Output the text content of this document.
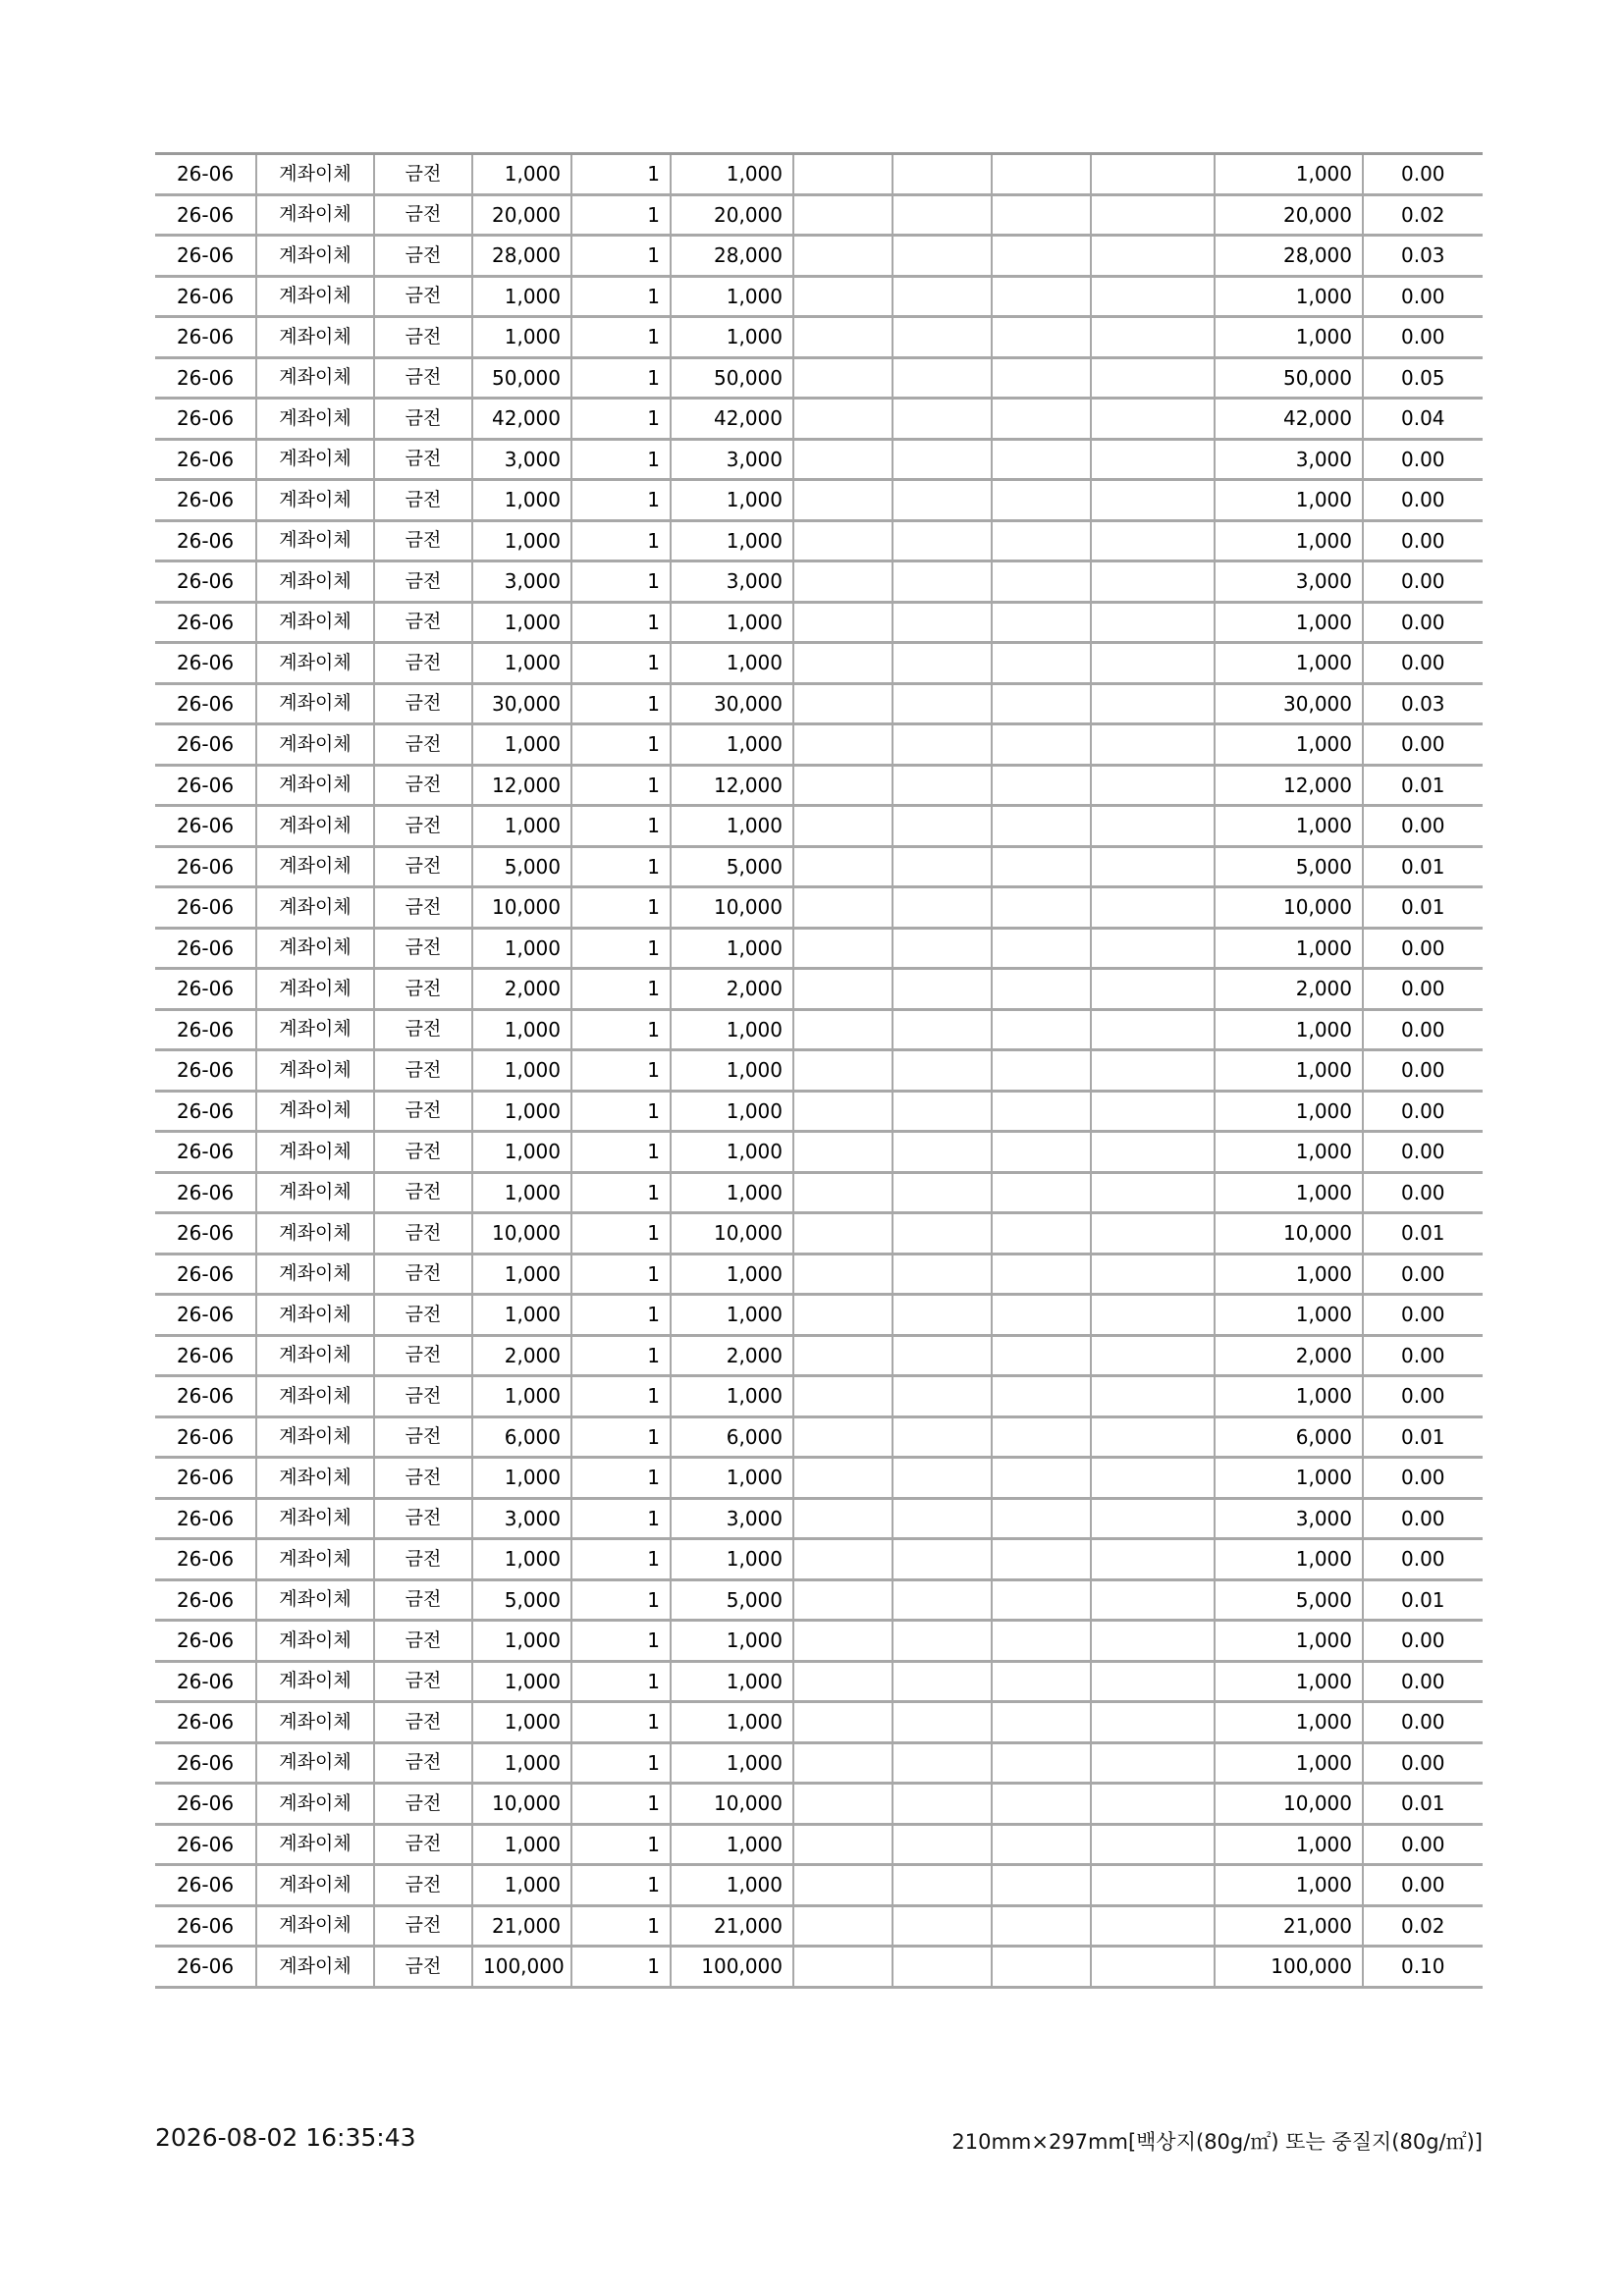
26-06	계좌이체	금전	1,000	1	1,000					1,000	0.00
26-06	계좌이체	금전	20,000	1	20,000					20,000	0.02
26-06	계좌이체	금전	28,000	1	28,000					28,000	0.03
26-06	계좌이체	금전	1,000	1	1,000					1,000	0.00
26-06	계좌이체	금전	1,000	1	1,000					1,000	0.00
26-06	계좌이체	금전	50,000	1	50,000					50,000	0.05
26-06	계좌이체	금전	42,000	1	42,000					42,000	0.04
26-06	계좌이체	금전	3,000	1	3,000					3,000	0.00
26-06	계좌이체	금전	1,000	1	1,000					1,000	0.00
26-06	계좌이체	금전	1,000	1	1,000					1,000	0.00
26-06	계좌이체	금전	3,000	1	3,000					3,000	0.00
26-06	계좌이체	금전	1,000	1	1,000					1,000	0.00
26-06	계좌이체	금전	1,000	1	1,000					1,000	0.00
26-06	계좌이체	금전	30,000	1	30,000					30,000	0.03
26-06	계좌이체	금전	1,000	1	1,000					1,000	0.00
26-06	계좌이체	금전	12,000	1	12,000					12,000	0.01
26-06	계좌이체	금전	1,000	1	1,000					1,000	0.00
26-06	계좌이체	금전	5,000	1	5,000					5,000	0.01
26-06	계좌이체	금전	10,000	1	10,000					10,000	0.01
26-06	계좌이체	금전	1,000	1	1,000					1,000	0.00
26-06	계좌이체	금전	2,000	1	2,000					2,000	0.00
26-06	계좌이체	금전	1,000	1	1,000					1,000	0.00
26-06	계좌이체	금전	1,000	1	1,000					1,000	0.00
26-06	계좌이체	금전	1,000	1	1,000					1,000	0.00
26-06	계좌이체	금전	1,000	1	1,000					1,000	0.00
26-06	계좌이체	금전	1,000	1	1,000					1,000	0.00
26-06	계좌이체	금전	10,000	1	10,000					10,000	0.01
26-06	계좌이체	금전	1,000	1	1,000					1,000	0.00
26-06	계좌이체	금전	1,000	1	1,000					1,000	0.00
26-06	계좌이체	금전	2,000	1	2,000					2,000	0.00
26-06	계좌이체	금전	1,000	1	1,000					1,000	0.00
26-06	계좌이체	금전	6,000	1	6,000					6,000	0.01
26-06	계좌이체	금전	1,000	1	1,000					1,000	0.00
26-06	계좌이체	금전	3,000	1	3,000					3,000	0.00
26-06	계좌이체	금전	1,000	1	1,000					1,000	0.00
26-06	계좌이체	금전	5,000	1	5,000					5,000	0.01
26-06	계좌이체	금전	1,000	1	1,000					1,000	0.00
26-06	계좌이체	금전	1,000	1	1,000					1,000	0.00
26-06	계좌이체	금전	1,000	1	1,000					1,000	0.00
26-06	계좌이체	금전	1,000	1	1,000					1,000	0.00
26-06	계좌이체	금전	10,000	1	10,000					10,000	0.01
26-06	계좌이체	금전	1,000	1	1,000					1,000	0.00
26-06	계좌이체	금전	1,000	1	1,000					1,000	0.00
26-06	계좌이체	금전	21,000	1	21,000					21,000	0.02
26-06	계좌이체	금전	100,000	1	100,000					100,000	0.10
2026-08-02 16:35:43	210mm×297mm[백상지(80g/㎡) 또는 중질지(80g/㎡)]
